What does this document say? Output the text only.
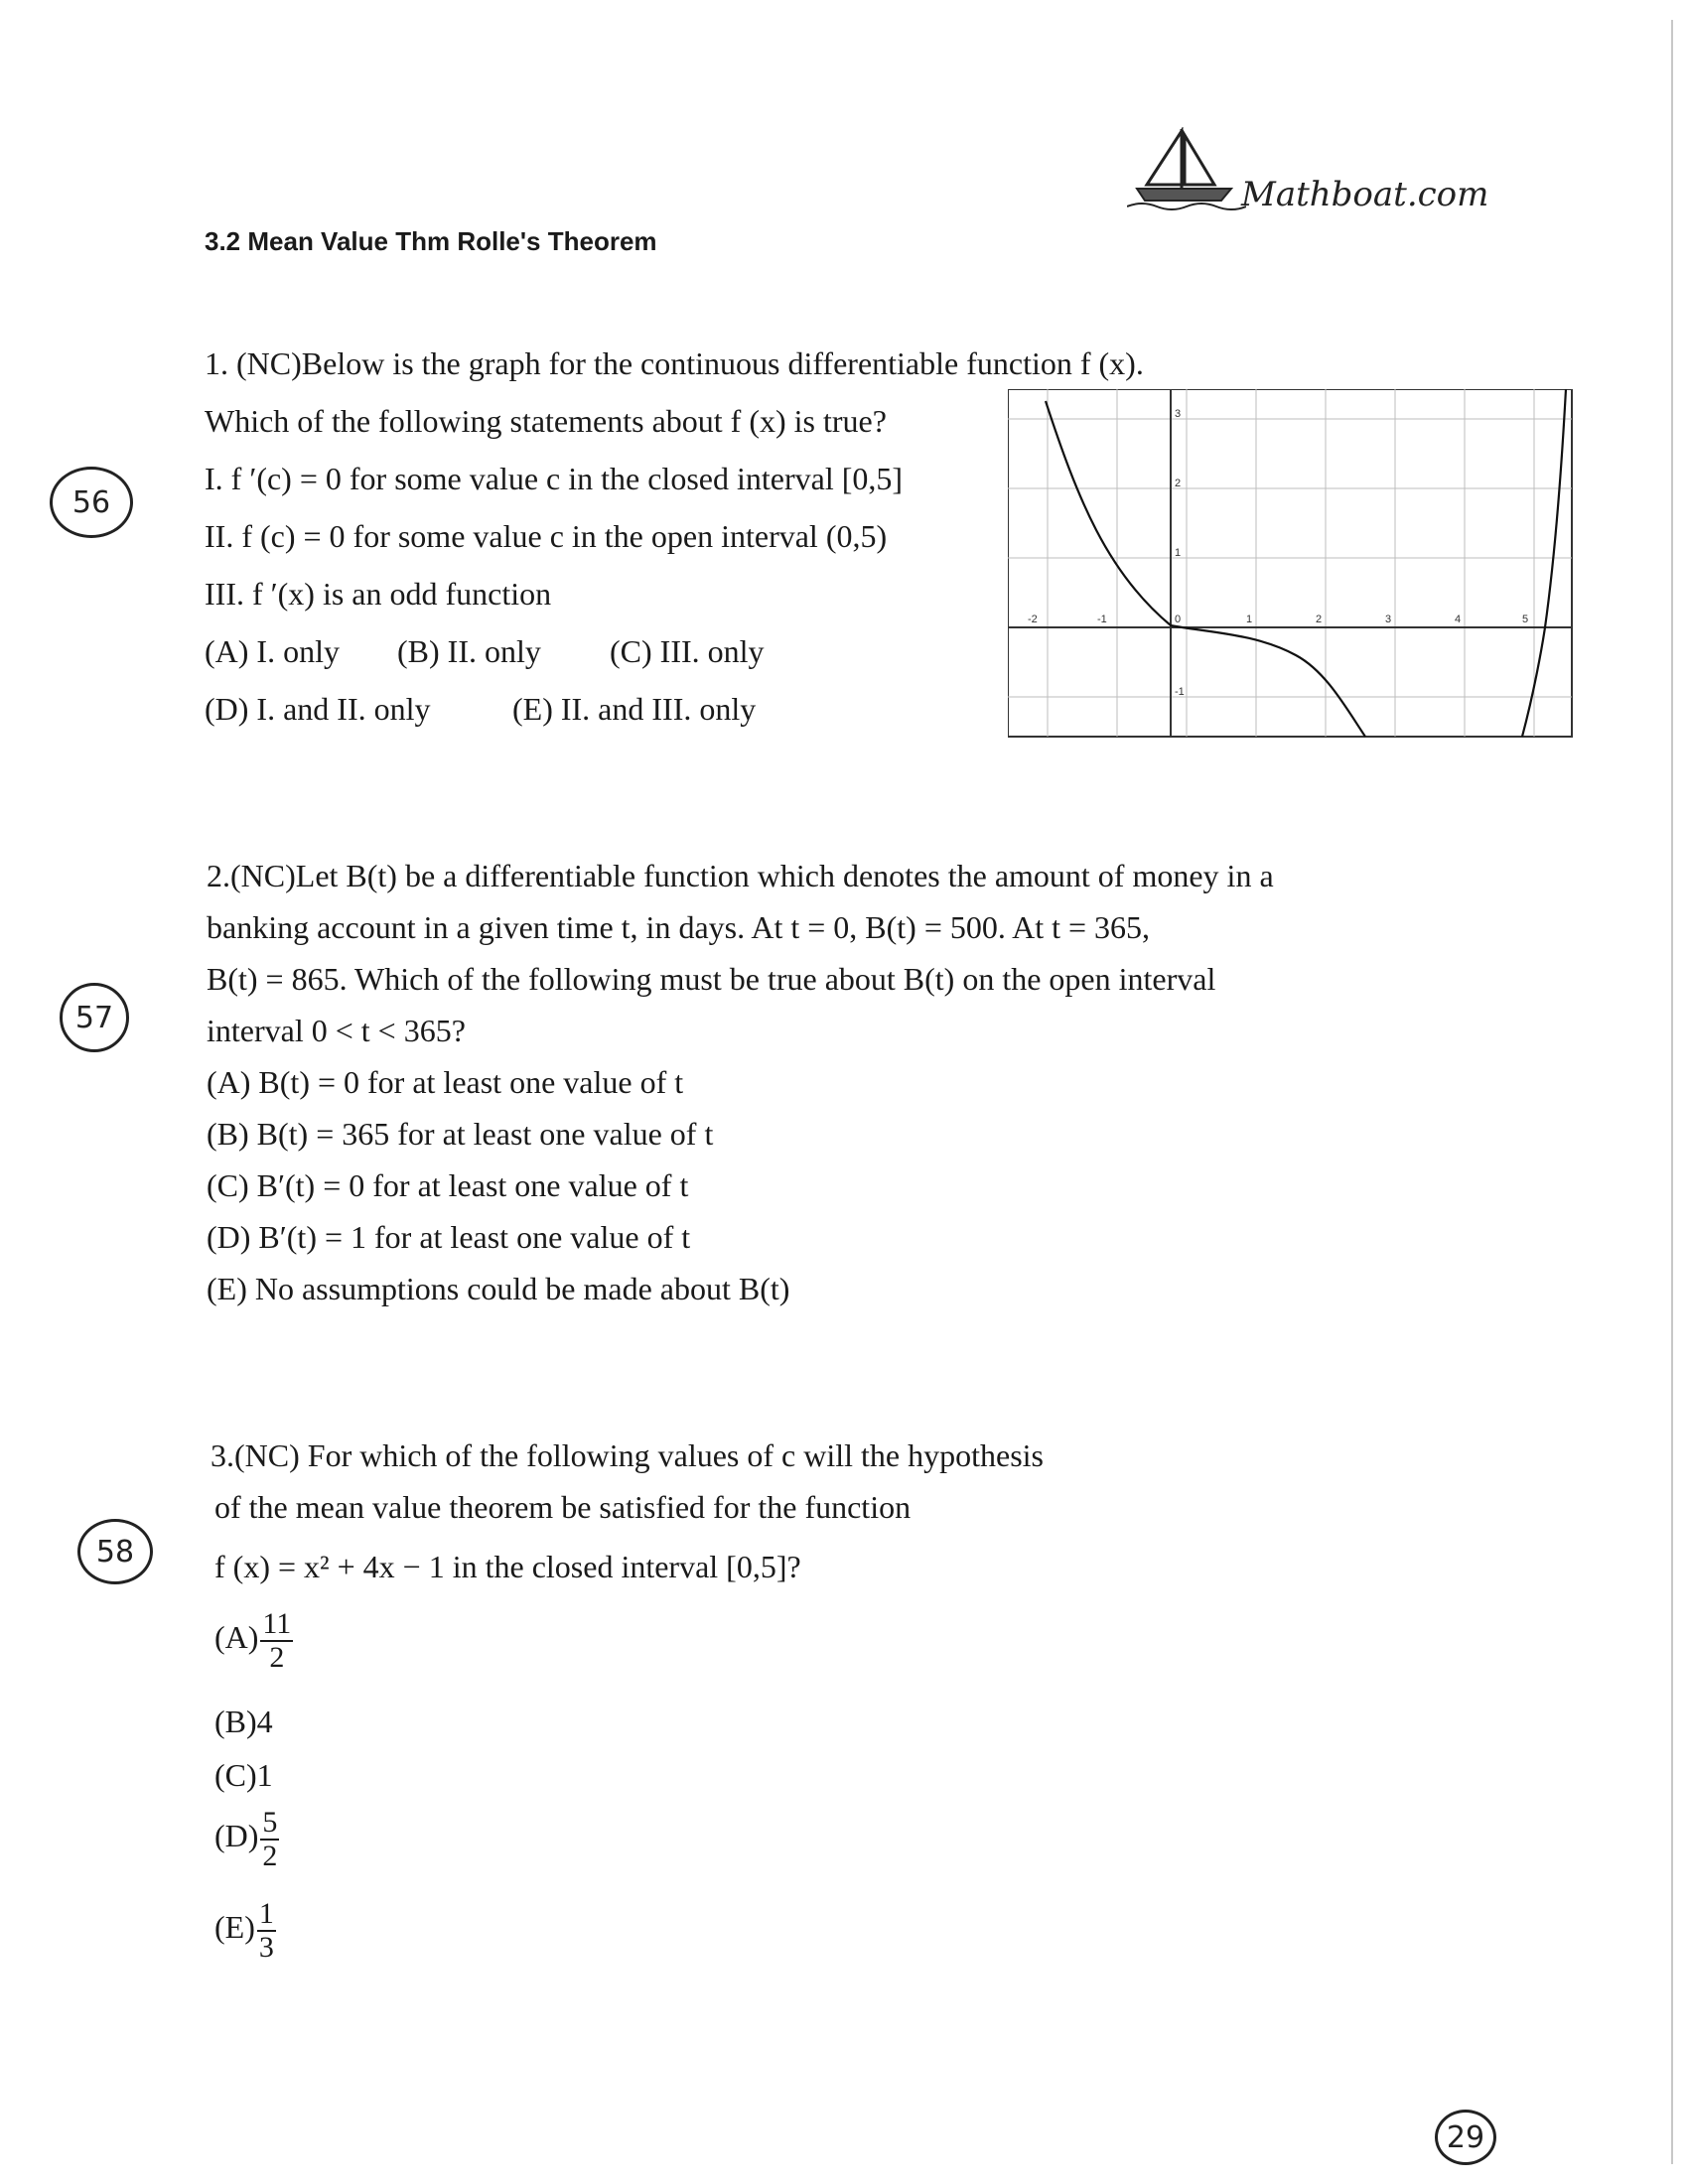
Mathboat.com
3.2 Mean Value Thm Rolle's Theorem
56
57
58
29
1. (NC)Below is the graph for the continuous differentiable function f (x).
Which of the following statements about f (x) is true?
I. f ′(c) = 0 for some value c in the closed interval [0,5]
II. f (c) = 0 for some value c in the open interval (0,5)
III. f ′(x) is an odd function
(A) I. only (B) II. only (C) III. only
(D) I. and II. only	(E) II. and III. only
-2	-1	0	1	2	3	4	5
3
2
1
-1
2.(NC)Let B(t) be a differentiable function which denotes the amount of money in a
banking account in a given time t, in days. At t = 0, B(t) = 500. At t = 365,
B(t) = 865. Which of the following must be true about B(t) on the open interval
interval 0 < t < 365?
(A) B(t) = 0 for at least one value of t
(B) B(t) = 365 for at least one value of t
(C) B′(t) = 0 for at least one value of t
(D) B′(t) = 1 for at least one value of t
(E) No assumptions could be made about B(t)
3.(NC) For which of the following values of c will the hypothesis
of the mean value theorem be satisfied for the function
f (x) = x² + 4x − 1 in the closed interval [0,5]?
$(A) \frac{11}{2}$
(B)4
(C)1
$(D) \frac{5}{2}$
$(E) \frac{1}{3}$
